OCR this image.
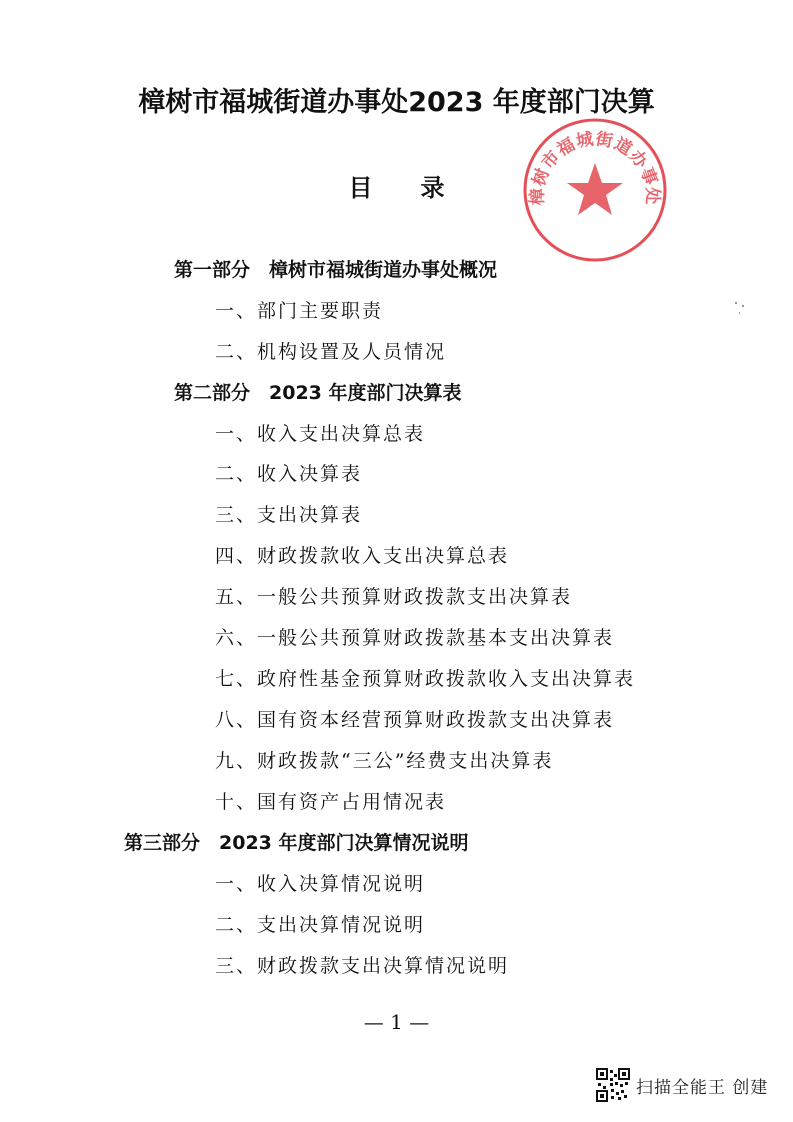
樟树市福城街道办事处2023 年度部门决算
樟树市福城街道办事处
目录
第一部分　樟树市福城街道办事处概况
一、部门主要职责
二、机构设置及人员情况
第二部分　2023 年度部门决算表
一、收入支出决算总表
二、收入决算表
三、支出决算表
四、财政拨款收入支出决算总表
五、一般公共预算财政拨款支出决算表
六、一般公共预算财政拨款基本支出决算表
七、政府性基金预算财政拨款收入支出决算表
八、国有资本经营预算财政拨款支出决算表
九、财政拨款“三公”经费支出决算表
十、国有资产占用情况表
第三部分　2023 年度部门决算情况说明
一、收入决算情况说明
二、支出决算情况说明
三、财政拨款支出决算情况说明
— 1 —
扫描全能王 创建
